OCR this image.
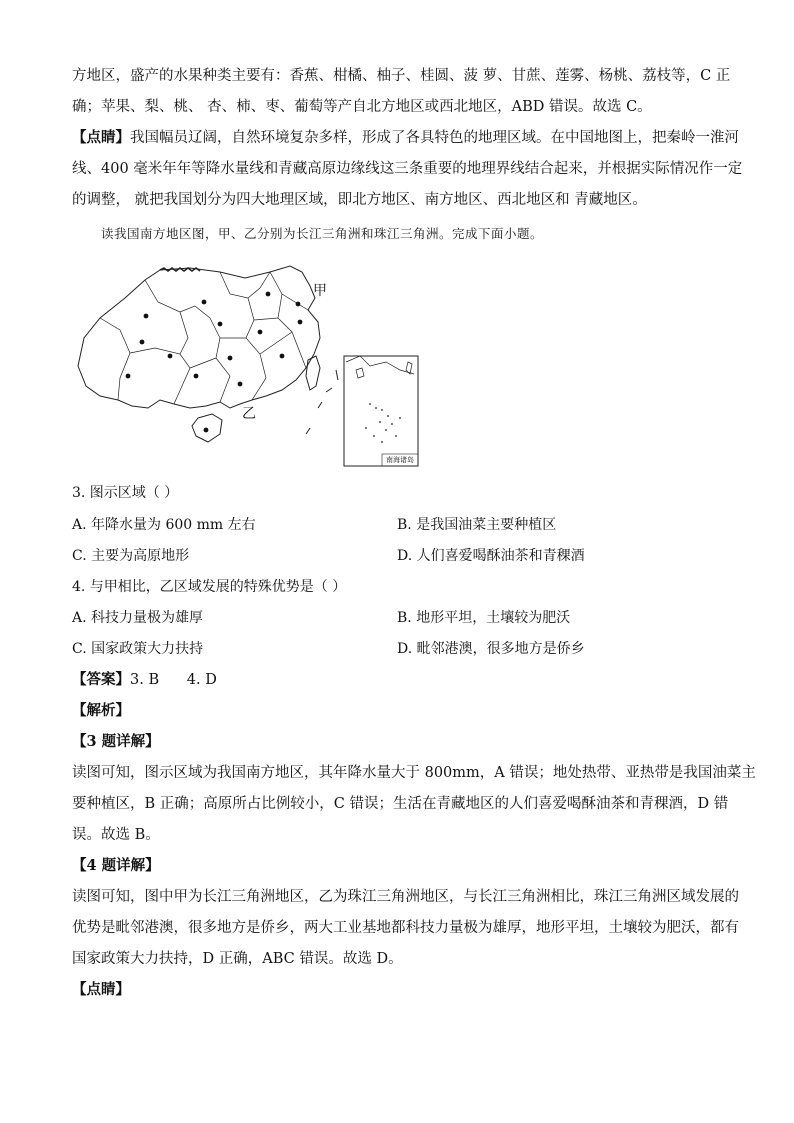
方地区，盛产的水果种类主要有：香蕉、柑橘、柚子、桂圆、菠 萝、甘蔗、莲雾、杨桃、荔枝等，C 正
确；苹果、梨、桃、 杏、柿、枣、葡萄等产自北方地区或西北地区，ABD 错误。故选 C。
【点睛】我国幅员辽阔，自然环境复杂多样，形成了各具特色的地理区域。在中国地图上，把秦岭一淮河
线、400 毫米年年等降水量线和青藏高原边缘线这三条重要的地理界线结合起来，并根据实际情况作一定
的调整， 就把我国划分为四大地理区域，即北方地区、南方地区、西北地区和 青藏地区。
读我国南方地区图，甲、乙分别为长江三角洲和珠江三角洲。完成下面小题。
甲
乙
南海诸岛
3. 图示区域（ ）
A. 年降水量为 600 mm 左右	B. 是我国油菜主要种植区
C. 主要为高原地形	D. 人们喜爱喝酥油茶和青稞酒
4. 与甲相比，乙区域发展的特殊优势是（ ）
A. 科技力量极为雄厚	B. 地形平坦，土壤较为肥沃
C. 国家政策大力扶持	D. 毗邻港澳，很多地方是侨乡
【答案】3. B      4. D
【解析】
【3 题详解】
读图可知，图示区域为我国南方地区，其年降水量大于 800mm，A 错误；地处热带、亚热带是我国油菜主
要种植区，B 正确；高原所占比例较小，C 错误；生活在青藏地区的人们喜爱喝酥油茶和青稞酒，D 错
误。故选 B。
【4 题详解】
读图可知，图中甲为长江三角洲地区，乙为珠江三角洲地区，与长江三角洲相比，珠江三角洲区域发展的
优势是毗邻港澳，很多地方是侨乡，两大工业基地都科技力量极为雄厚，地形平坦，土壤较为肥沃，都有
国家政策大力扶持，D 正确，ABC 错误。故选 D。
【点睛】
